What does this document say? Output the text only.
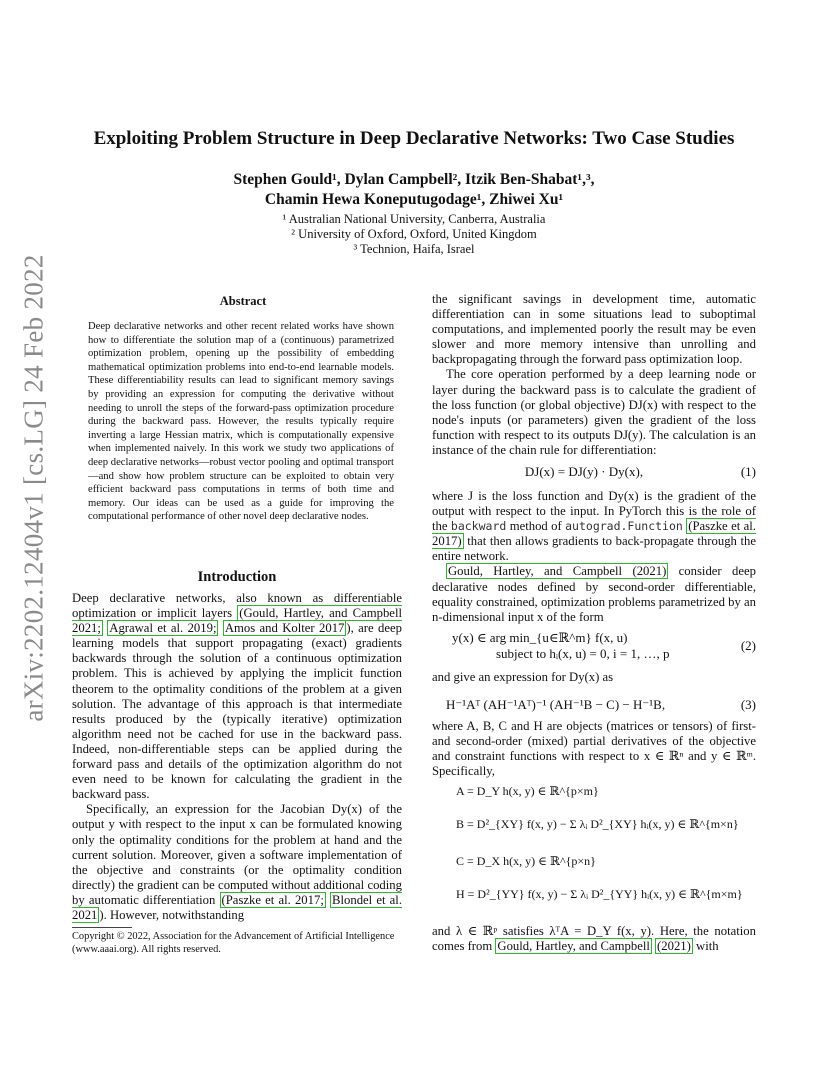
arXiv:2202.12404v1 [cs.LG] 24 Feb 2022
Exploiting Problem Structure in Deep Declarative Networks: Two Case Studies
Stephen Gould¹, Dylan Campbell², Itzik Ben-Shabat¹,³,
Chamin Hewa Koneputugodage¹, Zhiwei Xu¹
¹ Australian National University, Canberra, Australia
² University of Oxford, Oxford, United Kingdom
³ Technion, Haifa, Israel
Abstract
Deep declarative networks and other recent related works have shown how to differentiate the solution map of a (continuous) parametrized optimization problem, opening up the possibility of embedding mathematical optimization problems into end-to-end learnable models. These differentiability results can lead to significant memory savings by providing an expression for computing the derivative without needing to unroll the steps of the forward-pass optimization procedure during the backward pass. However, the results typically require inverting a large Hessian matrix, which is computationally expensive when implemented naively. In this work we study two applications of deep declarative networks—robust vector pooling and optimal transport—and show how problem structure can be exploited to obtain very efficient backward pass computations in terms of both time and memory. Our ideas can be used as a guide for improving the computational performance of other novel deep declarative nodes.
Introduction

Deep declarative networks, also known as differentiable optimization or implicit layers (Gould, Hartley, and Campbell 2021; Agrawal et al. 2019; Amos and Kolter 2017 ), are deep learning models that support propagating (exact) gradients backwards through the solution of a continuous optimization problem. This is achieved by applying the implicit function theorem to the optimality conditions of the problem at a given solution. The advantage of this approach is that intermediate results produced by the (typically iterative) optimization algorithm need not be cached for use in the backward pass. Indeed, non-differentiable steps can be applied during the forward pass and details of the optimization algorithm do not even need to be known for calculating the gradient in the backward pass.

Specifically, an expression for the Jacobian Dy(x) of the output y with respect to the input x can be formulated knowing only the optimality conditions for the problem at hand and the current solution. Moreover, given a software implementation of the objective and constraints (or the optimality condition directly) the gradient can be computed without additional coding by automatic differentiation (Paszke et al. 2017; Blondel et al. 2021 ). However, notwithstanding

Copyright © 2022, Association for the Advancement of Artificial Intelligence (www.aaai.org). All rights reserved.

the significant savings in development time, automatic differentiation can in some situations lead to suboptimal computations, and implemented poorly the result may be even slower and more memory intensive than unrolling and backpropagating through the forward pass optimization loop.

The core operation performed by a deep learning node or layer during the backward pass is to calculate the gradient of the loss function (or global objective) DJ(x) with respect to the node's inputs (or parameters) given the gradient of the loss function with respect to its outputs DJ(y). The calculation is an instance of the chain rule for differentiation:

DJ(x) = DJ(y) · Dy(x),	(1)

where J is the loss function and Dy(x) is the gradient of the output with respect to the input. In PyTorch this is the role of the backward method of autograd.Function (Paszke et al. 2017) that then allows gradients to back-propagate through the entire network.

Gould, Hartley, and Campbell (2021) consider deep declarative nodes defined by second-order differentiable, equality constrained, optimization problems parametrized by an n-dimensional input x of the form

y(x) ∈ arg min_{u∈ℝ^m} f(x, u)
subject to hᵢ(x, u) = 0, i = 1, …, p
(2)

and give an expression for Dy(x) as

H⁻¹Aᵀ (AH⁻¹Aᵀ)⁻¹ (AH⁻¹B − C) − H⁻¹B,	(3)

where A, B, C and H are objects (matrices or tensors) of first- and second-order (mixed) partial derivatives of the objective and constraint functions with respect to x ∈ ℝⁿ and y ∈ ℝᵐ. Specifically,

A = D_Y h(x, y) ∈ ℝ^{p×m}
B = D²_{XY} f(x, y) − Σ λᵢ D²_{XY} hᵢ(x, y) ∈ ℝ^{m×n}
C = D_X h(x, y) ∈ ℝ^{p×n}
H = D²_{YY} f(x, y) − Σ λᵢ D²_{YY} hᵢ(x, y) ∈ ℝ^{m×m}

and λ ∈ ℝᵖ satisfies λᵀA = D_Y f(x, y). Here, the notation comes from Gould, Hartley, and Campbell (2021) with
